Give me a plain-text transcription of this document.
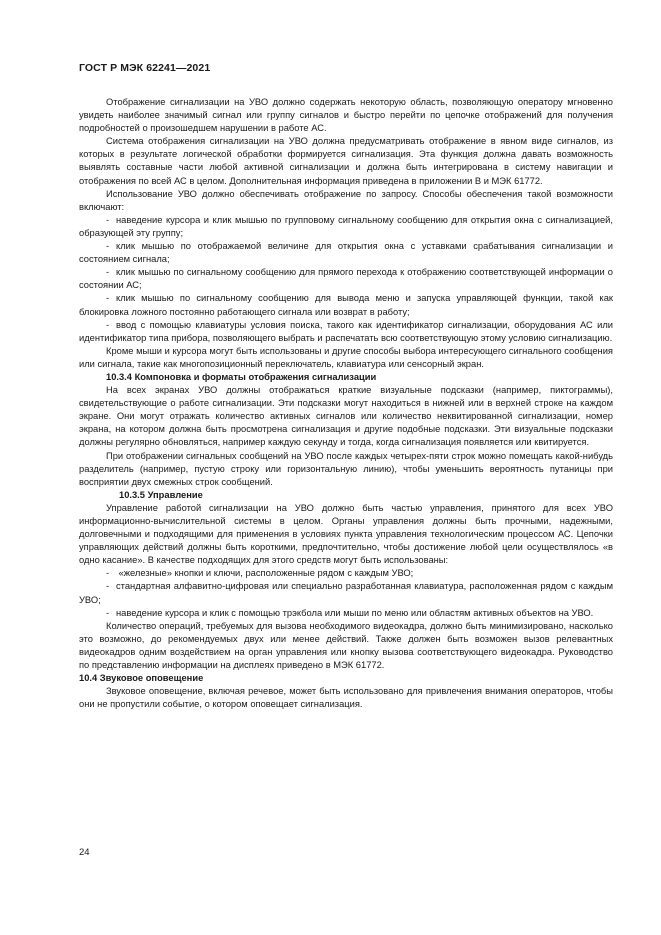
ГОСТ Р МЭК 62241—2021

Отображение сигнализации на УВО должно содержать некоторую область, позволяющую оператору мгновенно увидеть наиболее значимый сигнал или группу сигналов и быстро перейти по цепочке отображений для получения подробностей о произошедшем нарушении в работе АС.

Система отображения сигнализации на УВО должна предусматривать отображение в явном виде сигналов, из которых в результате логической обработки формируется сигнализация. Эта функция должна давать возможность выявлять составные части любой активной сигнализации и должна быть интегрирована в систему навигации и отображения по всей АС в целом. Дополнительная информация приведена в приложении В и МЭК 61772.

Использование УВО должно обеспечивать отображение по запросу. Способы обеспечения такой возможности включают:

- наведение курсора и клик мышью по групповому сигнальному сообщению для открытия окна с сигнализацией, образующей эту группу;

- клик мышью по отображаемой величине для открытия окна с уставками срабатывания сигнализации и состоянием сигнала;

- клик мышью по сигнальному сообщению для прямого перехода к отображению соответствующей информации о состоянии АС;

- клик мышью по сигнальному сообщению для вывода меню и запуска управляющей функции, такой как блокировка ложного постоянно работающего сигнала или возврат в работу;

- ввод с помощью клавиатуры условия поиска, такого как идентификатор сигнализации, оборудования АС или идентификатор типа прибора, позволяющего выбрать и распечатать всю соответствующую этому условию сигнализацию.

Кроме мыши и курсора могут быть использованы и другие способы выбора интересующего сигнального сообщения или сигнала, такие как многопозиционный переключатель, клавиатура или сенсорный экран.

10.3.4 Компоновка и форматы отображения сигнализации

На всех экранах УВО должны отображаться краткие визуальные подсказки (например, пиктограммы), свидетельствующие о работе сигнализации. Эти подсказки могут находиться в нижней или в верхней строке на каждом экране. Они могут отражать количество активных сигналов или количество неквитированной сигнализации, номер экрана, на котором должна быть просмотрена сигнализация и другие подобные подсказки. Эти визуальные подсказки должны регулярно обновляться, например каждую секунду и тогда, когда сигнализация появляется или квитируется.

При отображении сигнальных сообщений на УВО после каждых четырех-пяти строк можно помещать какой-нибудь разделитель (например, пустую строку или горизонтальную линию), чтобы уменьшить вероятность путаницы при восприятии двух смежных строк сообщений.

10.3.5 Управление

Управление работой сигнализации на УВО должно быть частью управления, принятого для всех УВО информационно-вычислительной системы в целом. Органы управления должны быть прочными, надежными, долговечными и подходящими для применения в условиях пункта управления технологическим процессом АС. Цепочки управляющих действий должны быть короткими, предпочтительно, чтобы достижение любой цели осуществлялось «в одно касание». В качестве подходящих для этого средств могут быть использованы:

- «железные» кнопки и ключи, расположенные рядом с каждым УВО;

- стандартная алфавитно-цифровая или специально разработанная клавиатура, расположенная рядом с каждым УВО;

- наведение курсора и клик с помощью трэкбола или мыши по меню или областям активных объектов на УВО.

Количество операций, требуемых для вызова необходимого видеокадра, должно быть минимизировано, насколько это возможно, до рекомендуемых двух или менее действий. Также должен быть возможен вызов релевантных видеокадров одним воздействием на орган управления или кнопку вызова соответствующего видеокадра. Руководство по представлению информации на дисплеях приведено в МЭК 61772.

10.4 Звуковое оповещение

Звуковое оповещение, включая речевое, может быть использовано для привлечения внимания операторов, чтобы они не пропустили событие, о котором оповещает сигнализация.

24
